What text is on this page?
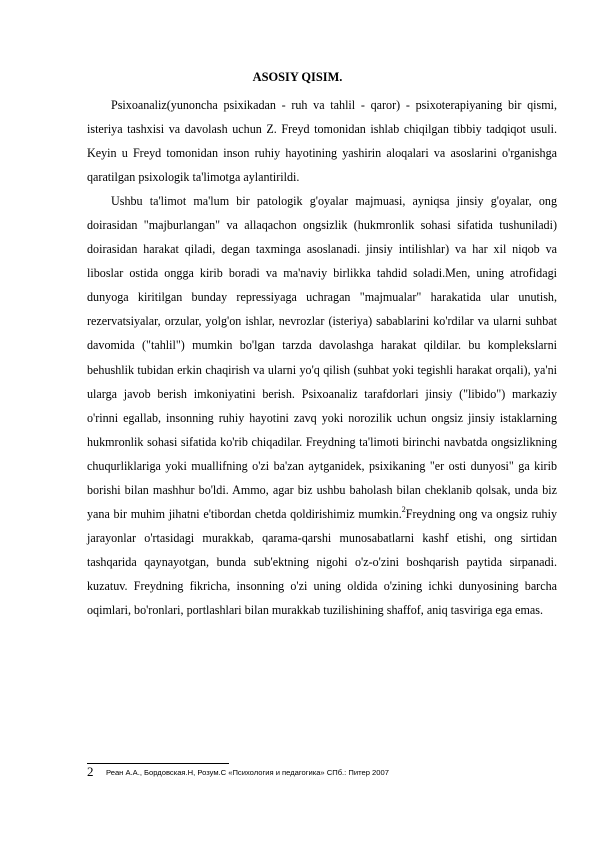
ASOSIY QISIM.

Psixoanaliz(yunoncha psixikadan - ruh va tahlil - qaror) - psixoterapiyaning bir qismi, isteriya tashxisi va davolash uchun Z. Freyd tomonidan ishlab chiqilgan tibbiy tadqiqot usuli. Keyin u Freyd tomonidan inson ruhiy hayotining yashirin aloqalari va asoslarini o'rganishga qaratilgan psixologik ta'limotga aylantirildi.

Ushbu ta'limot ma'lum bir patologik g'oyalar majmuasi, ayniqsa jinsiy g'oyalar, ong doirasidan "majburlangan" va allaqachon ongsizlik (hukmronlik sohasi sifatida tushuniladi) doirasidan harakat qiladi, degan taxminga asoslanadi. jinsiy intilishlar) va har xil niqob va liboslar ostida ongga kirib boradi va ma'naviy birlikka tahdid soladi.Men, uning atrofidagi dunyoga kiritilgan bunday repressiyaga uchragan "majmualar" harakatida ular unutish, rezervatsiyalar, orzular, yolg'on ishlar, nevrozlar (isteriya) sabablarini ko'rdilar va ularni suhbat davomida ("tahlil") mumkin bo'lgan tarzda davolashga harakat qildilar. bu komplekslarni behushlik tubidan erkin chaqirish va ularni yo'q qilish (suhbat yoki tegishli harakat orqali), ya'ni ularga javob berish imkoniyatini berish. Psixoanaliz tarafdorlari jinsiy ("libido") markaziy o'rinni egallab, insonning ruhiy hayotini zavq yoki norozilik uchun ongsiz jinsiy istaklarning hukmronlik sohasi sifatida ko'rib chiqadilar. Freydning ta'limoti birinchi navbatda ongsizlikning chuqurliklariga yoki muallifning o'zi ba'zan aytganidek, psixikaning "er osti dunyosi" ga kirib borishi bilan mashhur bo'ldi. Ammo, agar biz ushbu baholash bilan cheklanib qolsak, unda biz yana bir muhim jihatni e'tibordan chetda qoldirishimiz mumkin.$^2$Freydning ong va ongsiz ruhiy jarayonlar o'rtasidagi murakkab, qarama-qarshi munosabatlarni kashf etishi, ong sirtidan tashqarida qaynayotgan, bunda sub'ektning nigohi o'z-o'zini boshqarish paytida sirpanadi. kuzatuv. Freydning fikricha, insonning o'zi uning oldida o'zining ichki dunyosining barcha oqimlari, bo'ronlari, portlashlari bilan murakkab tuzilishining shaffof, aniq tasviriga ega emas.

2 Реан А.А., Бордовская.Н, Розум.С «Психология и педагогика» СПб.: Питер 2007
